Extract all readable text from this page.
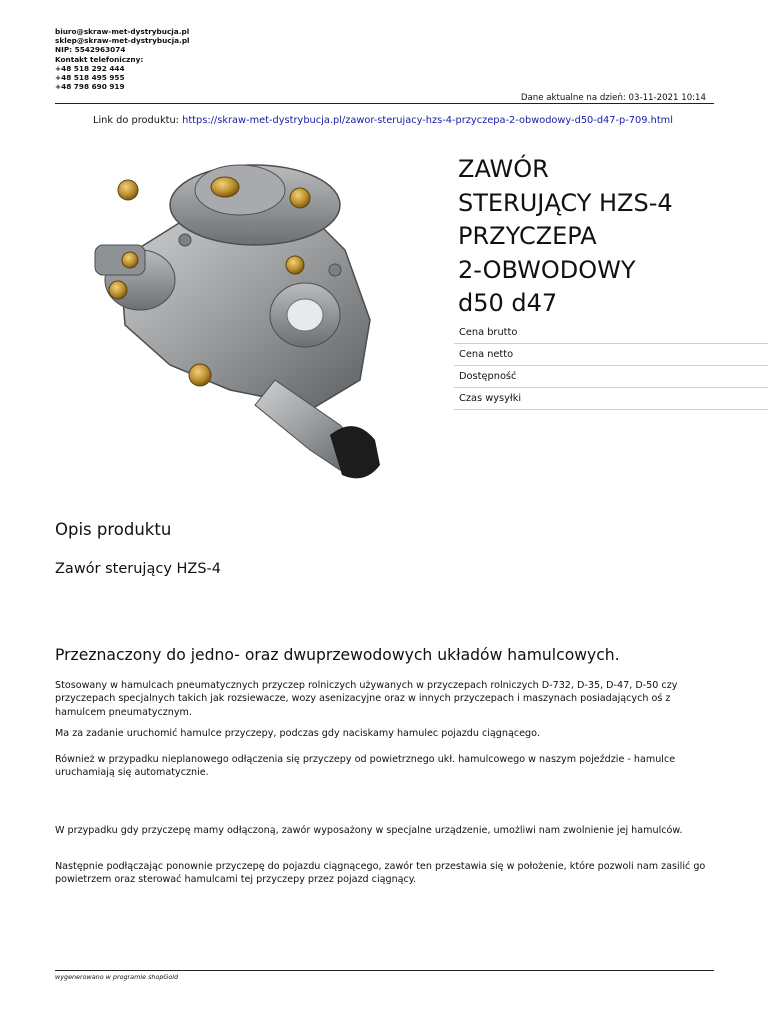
biuro@skraw-met-dystrybucja.pl
sklep@skraw-met-dystrybucja.pl
NIP: 5542963074
Kontakt telefoniczny:
+48 518 292 444
+48 518 495 955
+48 798 690 919
Dane aktualne na dzień: 03-11-2021 10:14
Link do produktu: https://skraw-met-dystrybucja.pl/zawor-sterujacy-hzs-4-przyczepa-2-obwodowy-d50-d47-p-709.html
ZAWÓR
STERUJĄCY HZS-4
PRZYCZEPA
2-OBWODOWY
d50 d47
Cena brutto
Cena netto
Dostępność
Czas wysyłki
Opis produktu
Zawór sterujący HZS-4
Przeznaczony do jedno- oraz dwuprzewodowych układów hamulcowych.

Stosowany w hamulcach pneumatycznych przyczep rolniczych używanych w przyczepach rolniczych D-732, D-35, D-47, D-50 czy przyczepach specjalnych takich jak rozsiewacze, wozy asenizacyjne oraz w innych przyczepach i maszynach posiadających oś z hamulcem pneumatycznym.

Ma za zadanie uruchomić hamulce przyczepy, podczas gdy naciskamy hamulec pojazdu ciągnącego.

Również w przypadku nieplanowego odłączenia się przyczepy od powietrznego ukł. hamulcowego w naszym pojeździe - hamulce uruchamiają się automatycznie.

W przypadku gdy przyczepę mamy odłączoną, zawór wyposażony w specjalne urządzenie, umożliwi nam zwolnienie jej hamulców.

Następnie podłączając ponownie przyczepę do pojazdu ciągnącego, zawór ten przestawia się w położenie, które pozwoli nam zasilić go powietrzem oraz sterować hamulcami tej przyczepy przez pojazd ciągnący.

wygenerowano w programie shopGold
